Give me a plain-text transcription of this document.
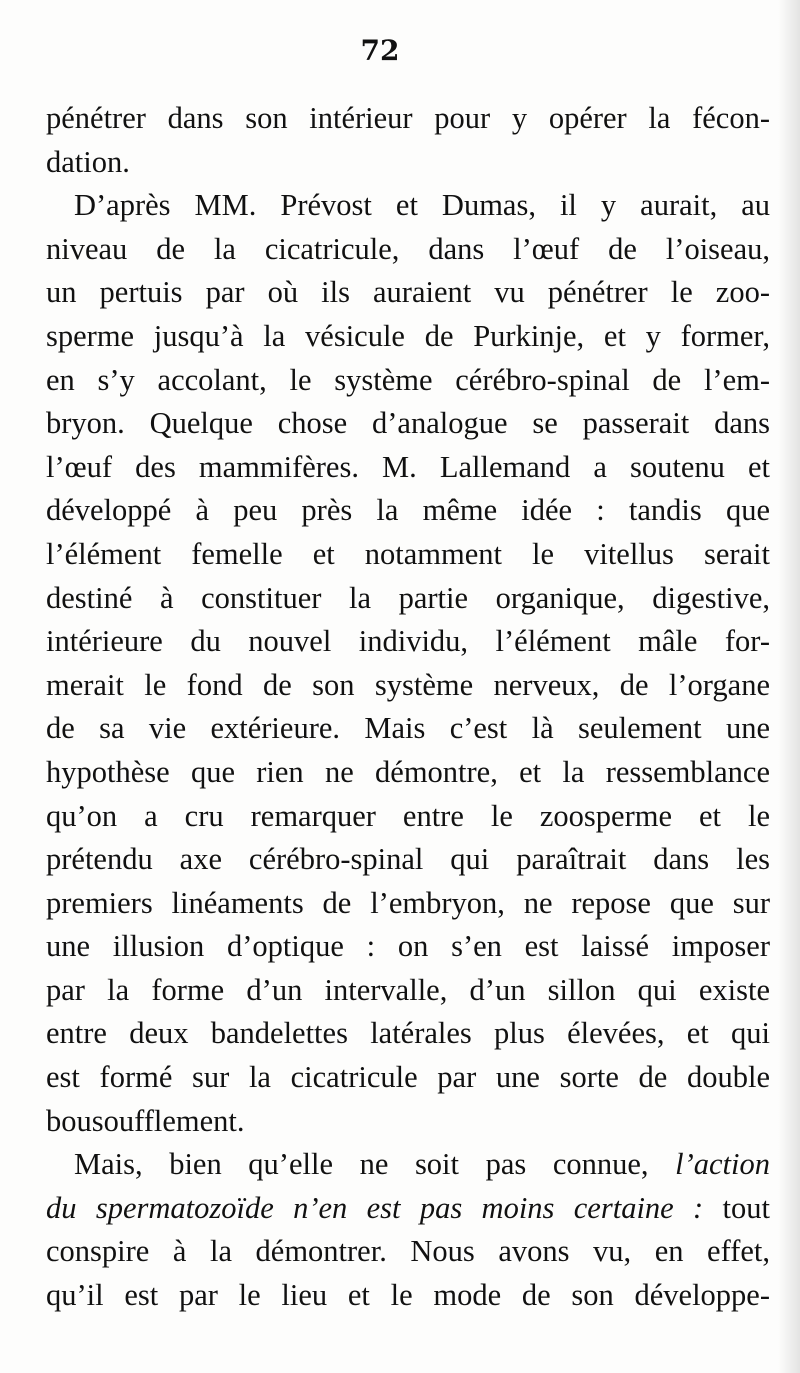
72
pénétrer dans son intérieur pour y opérer la fécon-
dation.
D’après MM. Prévost et Dumas, il y aurait, au
niveau de la cicatricule, dans l’œuf de l’oiseau,
un pertuis par où ils auraient vu pénétrer le zoo-
sperme jusqu’à la vésicule de Purkinje, et y former,
en s’y accolant, le système cérébro-spinal de l’em-
bryon. Quelque chose d’analogue se passerait dans
l’œuf des mammifères. M. Lallemand a soutenu et
développé à peu près la même idée : tandis que
l’élément femelle et notamment le vitellus serait
destiné à constituer la partie organique, digestive,
intérieure du nouvel individu, l’élément mâle for-
merait le fond de son système nerveux, de l’organe
de sa vie extérieure. Mais c’est là seulement une
hypothèse que rien ne démontre, et la ressemblance
qu’on a cru remarquer entre le zoosperme et le
prétendu axe cérébro-spinal qui paraîtrait dans les
premiers linéaments de l’embryon, ne repose que sur
une illusion d’optique : on s’en est laissé imposer
par la forme d’un intervalle, d’un sillon qui existe
entre deux bandelettes latérales plus élevées, et qui
est formé sur la cicatricule par une sorte de double
bousoufflement.
Mais, bien qu’elle ne soit pas connue, l’action
du spermatozoïde n’en est pas moins certaine : tout
conspire à la démontrer. Nous avons vu, en effet,
qu’il est par le lieu et le mode de son développe-
